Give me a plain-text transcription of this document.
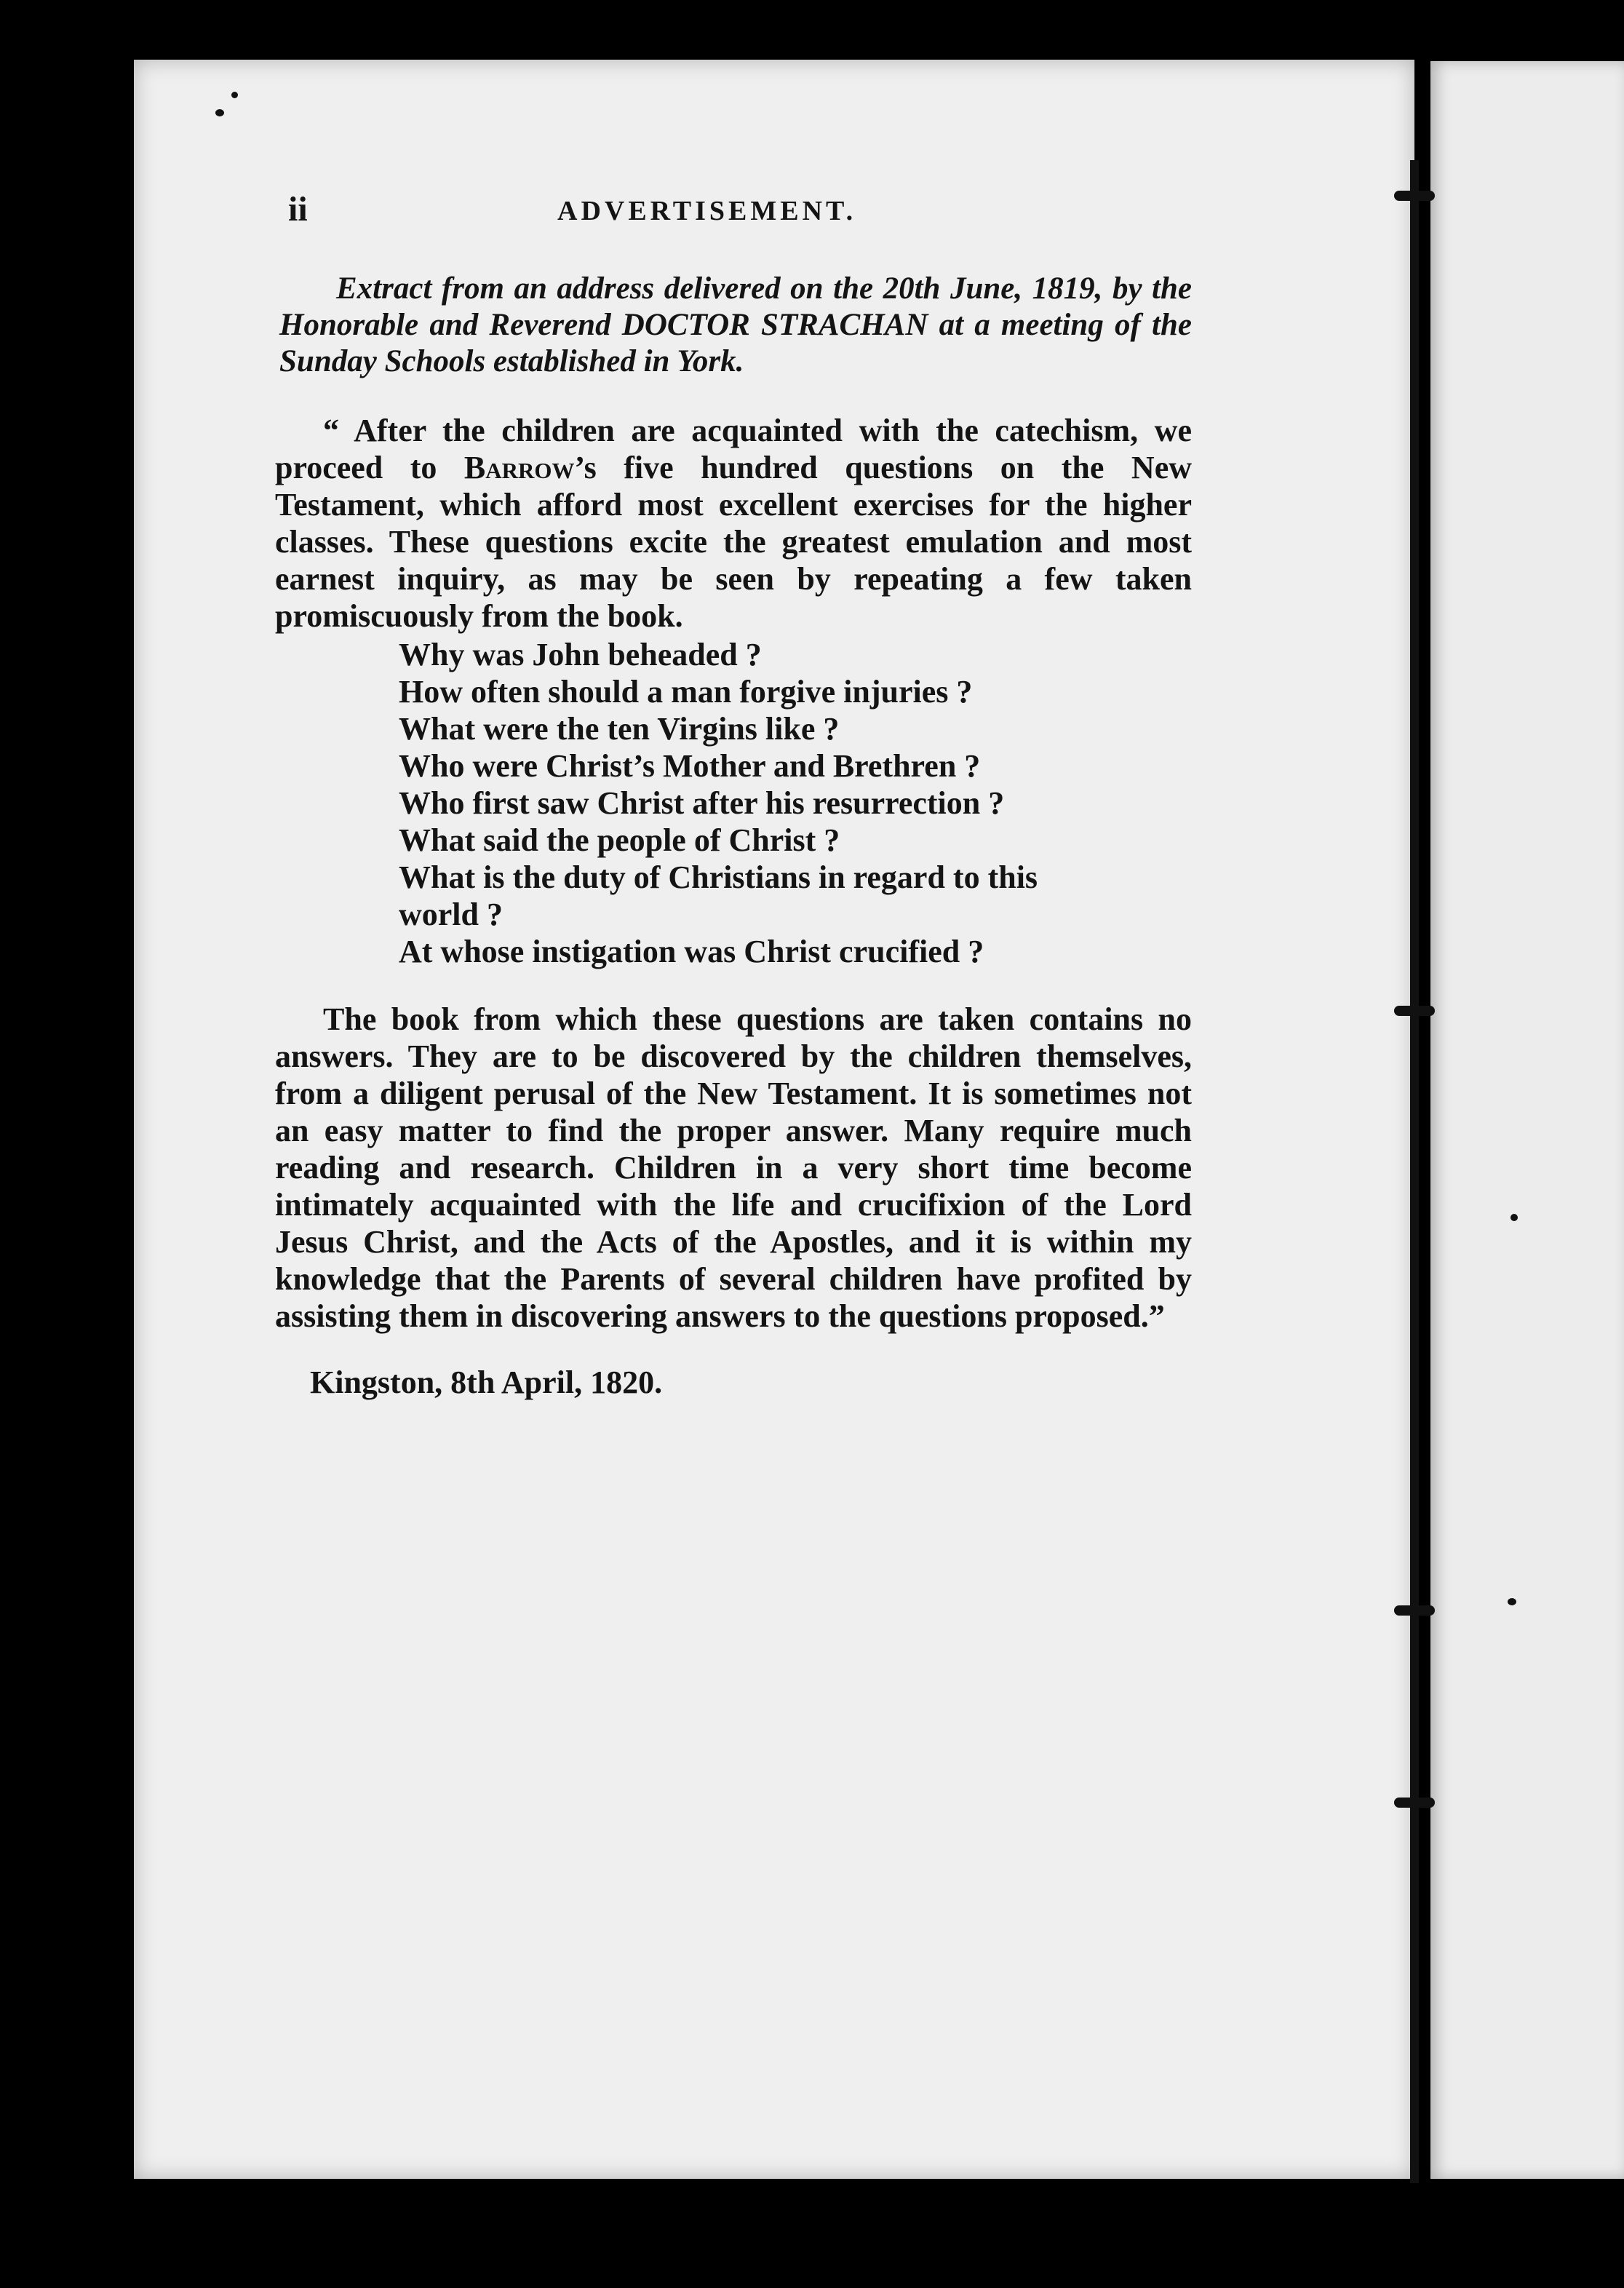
ii	ADVERTISEMENT.

Extract from an address delivered on the 20th June, 1819, by the Honorable and Reverend DOCTOR STRACHAN at a meeting of the Sunday Schools established in York.

“ After the children are acquainted with the catechism, we proceed to Barrow’s five hundred questions on the New Testament, which afford most excellent exercises for the higher classes. These questions excite the greatest emulation and most earnest inquiry, as may be seen by repeating a few taken promiscuously from the book.

Why was John beheaded ?
How often should a man forgive injuries ?
What were the ten Virgins like ?
Who were Christ’s Mother and Brethren ?
Who first saw Christ after his resurrection ?
What said the people of Christ ?
What is the duty of Christians in regard to this
world ?
At whose instigation was Christ crucified ?

The book from which these questions are taken contains no answers. They are to be discovered by the children themselves, from a diligent perusal of the New Testament. It is sometimes not an easy matter to find the proper answer. Many require much reading and research. Children in a very short time become intimately acquainted with the life and crucifixion of the Lord Jesus Christ, and the Acts of the Apostles, and it is within my knowledge that the Parents of several children have profited by assisting them in discovering answers to the questions proposed.”

Kingston, 8th April, 1820.
